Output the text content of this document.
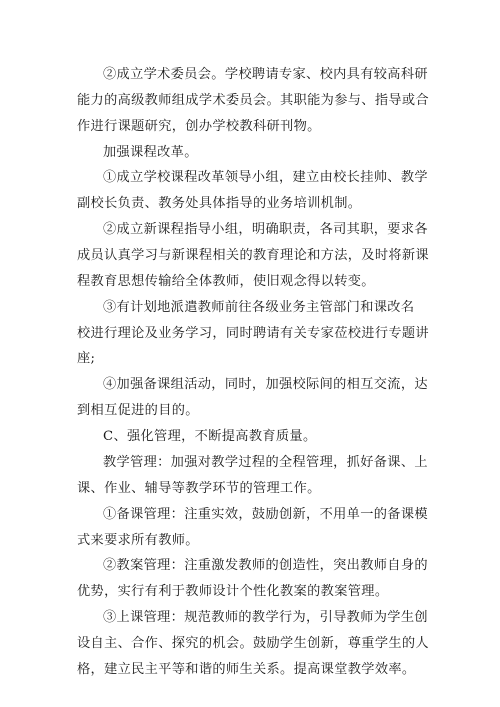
②成立学术委员会。学校聘请专家、校内具有较高科研
能力的高级教师组成学术委员会。其职能为参与、指导或合
作进行课题研究，创办学校教科研刊物。
加强课程改革。
①成立学校课程改革领导小组，建立由校长挂帅、教学
副校长负责、教务处具体指导的业务培训机制。
②成立新课程指导小组，明确职责，各司其职，要求各
成员认真学习与新课程相关的教育理论和方法，及时将新课
程教育思想传输给全体教师，使旧观念得以转变。
③有计划地派遣教师前往各级业务主管部门和课改名
校进行理论及业务学习，同时聘请有关专家莅校进行专题讲
座;
④加强备课组活动，同时，加强校际间的相互交流，达
到相互促进的目的。
C、强化管理，不断提高教育质量。
教学管理：加强对教学过程的全程管理，抓好备课、上
课、作业、辅导等教学环节的管理工作。
①备课管理：注重实效，鼓励创新，不用单一的备课模
式来要求所有教师。
②教案管理：注重激发教师的创造性，突出教师自身的
优势，实行有利于教师设计个性化教案的教案管理。
③上课管理：规范教师的教学行为，引导教师为学生创
设自主、合作、探究的机会。鼓励学生创新，尊重学生的人
格，建立民主平等和谐的师生关系。提高课堂教学效率。
